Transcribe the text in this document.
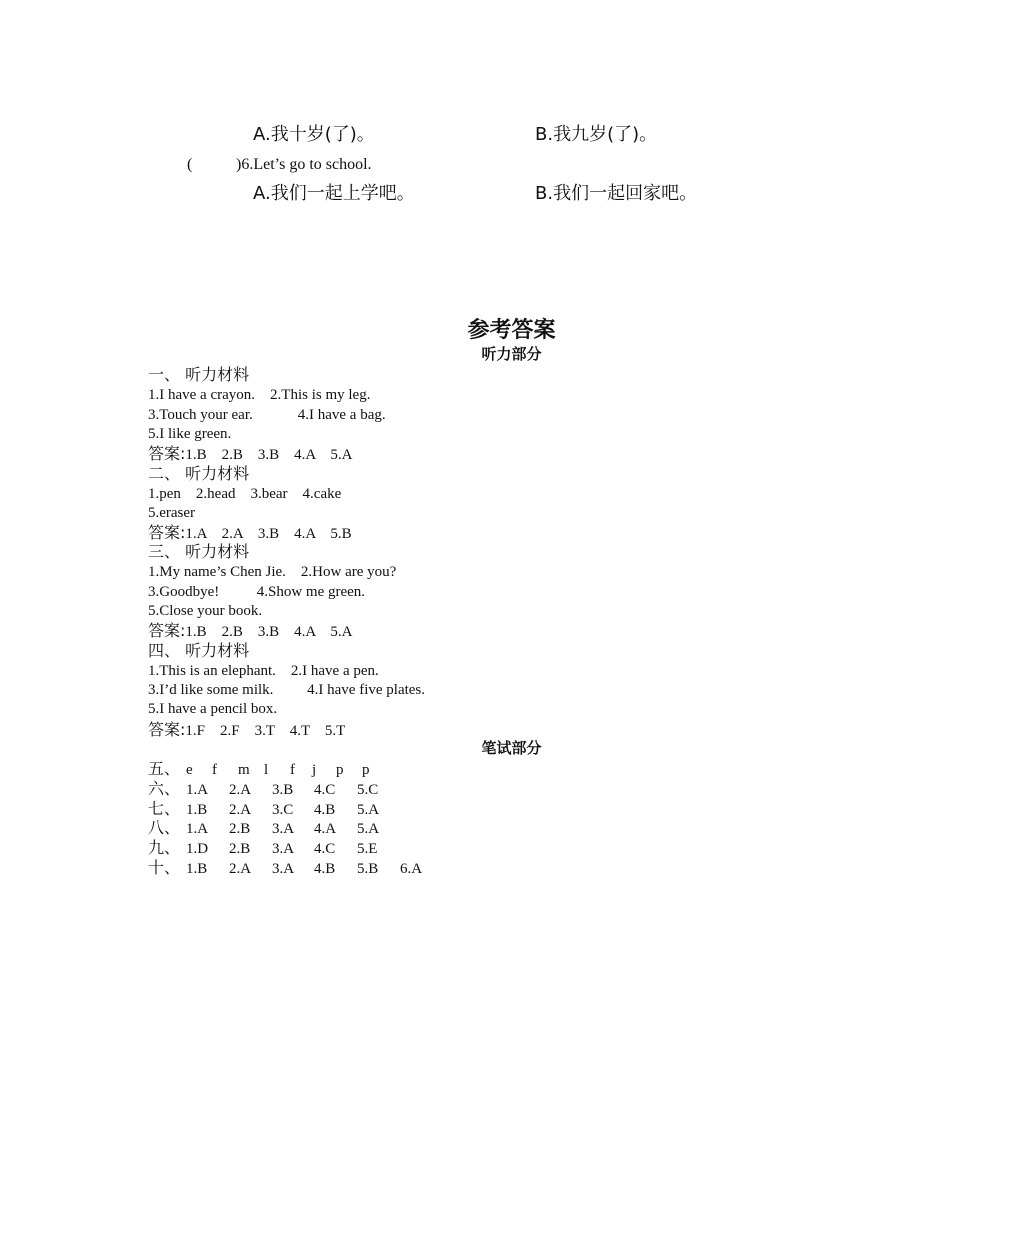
A.我十岁(了)。	B.我九岁(了)。
(	)6.Let’s go to school.
A.我们一起上学吧。	B.我们一起回家吧。
参考答案
听力部分
一、 听力材料
1.I have a crayon.    2.This is my leg.
3.Touch your ear.            4.I have a bag.
5.I like green.
答案:1.B    2.B    3.B    4.A    5.A
二、 听力材料
1.pen    2.head    3.bear    4.cake
5.eraser
答案:1.A    2.A    3.B    4.A    5.B
三、 听力材料
1.My name’s Chen Jie.    2.How are you?
3.Goodbye!          4.Show me green.
5.Close your book.
答案:1.B    2.B    3.B    4.A    5.A
四、 听力材料
1.This is an elephant.    2.I have a pen.
3.I’d like some milk.         4.I have five plates.
5.I have a pencil box.
答案:1.F    2.F    3.T    4.T    5.T
笔试部分
五、 e	f	m l	f	j	p	p
六、 1.A	2.A	3.B	4.C	5.C
七、 1.B	2.A	3.C	4.B	5.A
八、 1.A	2.B	3.A	4.A	5.A
九、 1.D	2.B	3.A	4.C	5.E
十、 1.B	2.A	3.A	4.B	5.B	6.A
